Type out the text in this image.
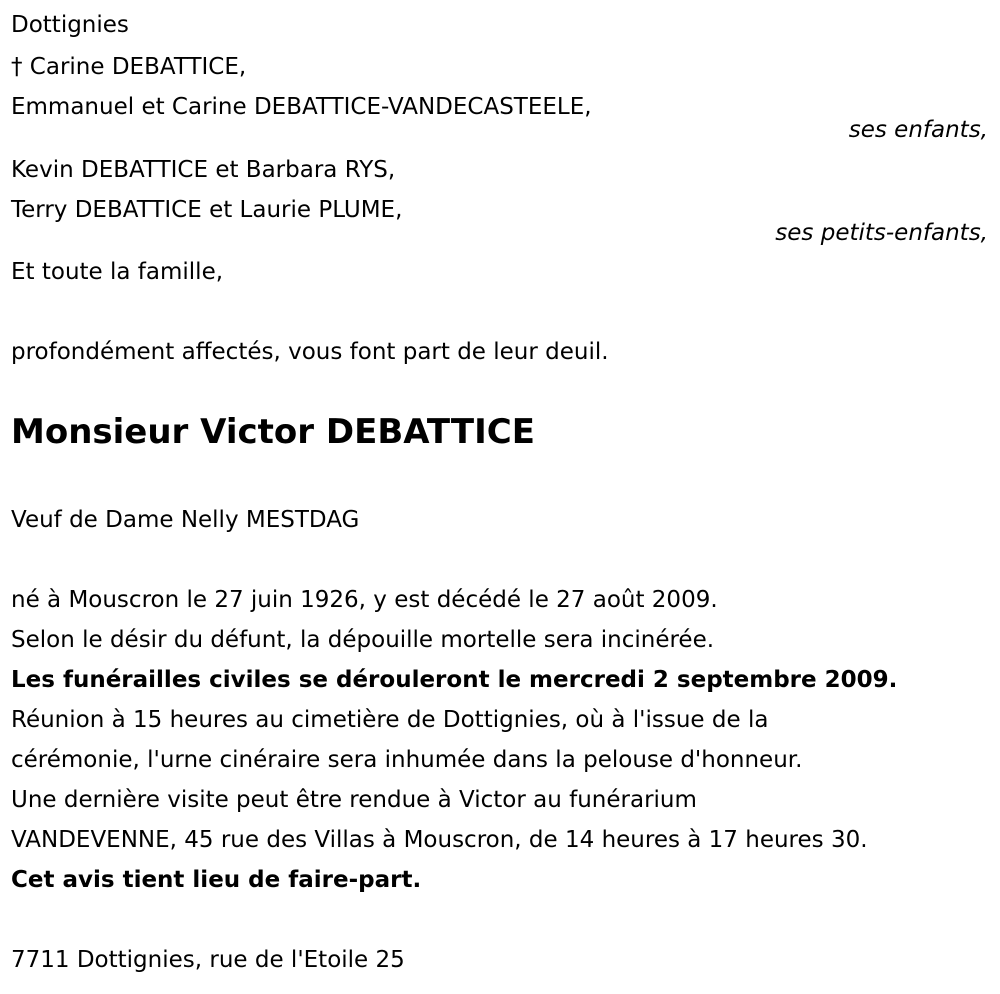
Dottignies
† Carine DEBATTICE,
Emmanuel et Carine DEBATTICE-VANDECASTEELE,
ses enfants,
Kevin DEBATTICE et Barbara RYS,
Terry DEBATTICE et Laurie PLUME,
ses petits-enfants,
Et toute la famille,
profondément affectés, vous font part de leur deuil.
Monsieur Victor DEBATTICE
Veuf de Dame Nelly MESTDAG
né à Mouscron le 27 juin 1926, y est décédé le 27 août 2009.
Selon le désir du défunt, la dépouille mortelle sera incinérée.
Les funérailles civiles se dérouleront le mercredi 2 septembre 2009.
Réunion à 15 heures au cimetière de Dottignies, où à l'issue de la
cérémonie, l'urne cinéraire sera inhumée dans la pelouse d'honneur.
Une dernière visite peut être rendue à Victor au funérarium
VANDEVENNE, 45 rue des Villas à Mouscron, de 14 heures à 17 heures 30.
Cet avis tient lieu de faire-part.
7711 Dottignies, rue de l'Etoile 25
